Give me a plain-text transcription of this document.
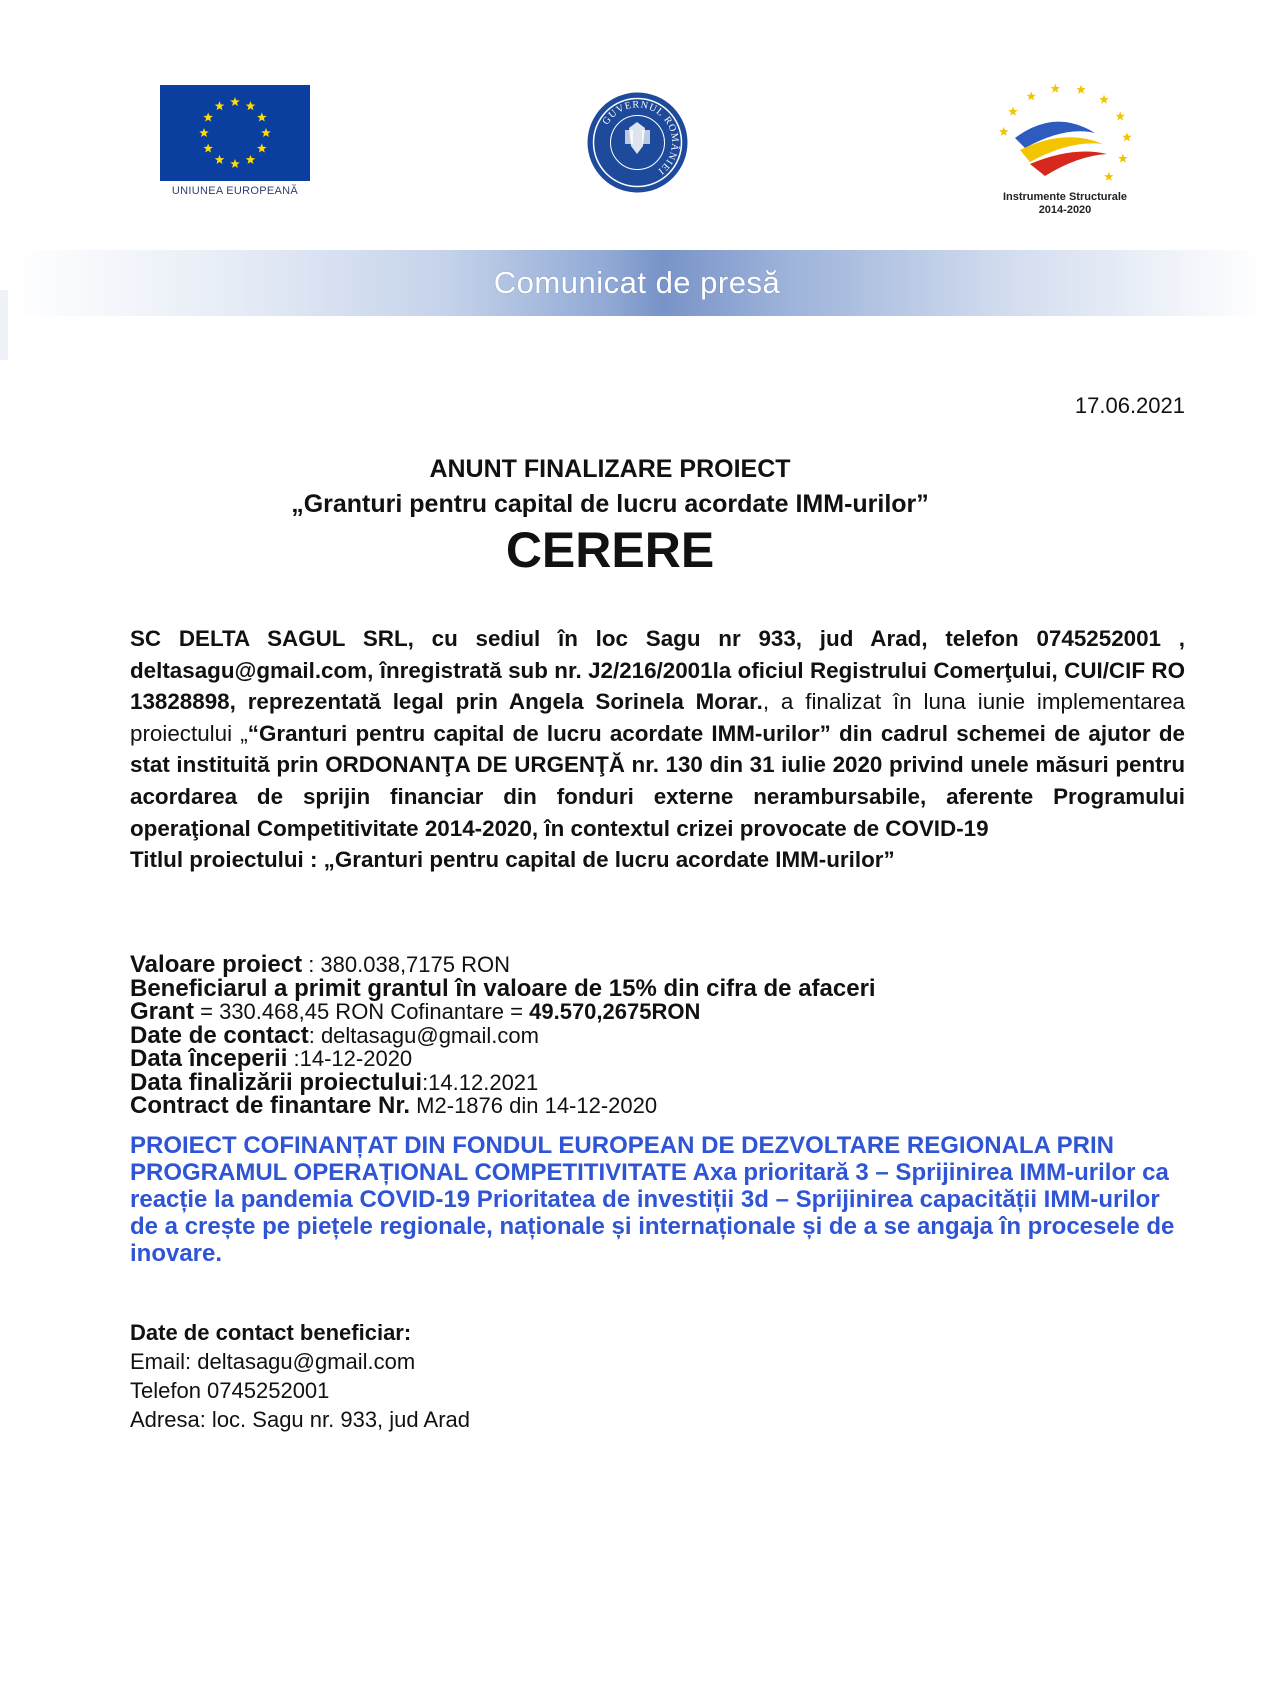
UNIUNEA EUROPEANĂ
GUVERNUL ROMÂNIEI
Instrumente Structurale
2014-2020
Comunicat de presă
17.06.2021
ANUNT FINALIZARE PROIECT
„Granturi pentru capital de lucru acordate IMM-urilor”
CERERE
SC DELTA SAGUL SRL, cu sediul în loc Sagu nr 933, jud Arad, telefon 0745252001 , deltasagu@gmail.com, înregistrată sub nr. J2/216/2001la oficiul Registrului Comerţului, CUI/CIF RO 13828898, reprezentată legal prin Angela Sorinela Morar., a finalizat în luna iunie implementarea proiectului „“Granturi pentru capital de lucru acordate IMM-urilor” din cadrul schemei de ajutor de stat instituită prin ORDONANŢA DE URGENŢĂ nr. 130 din 31 iulie 2020 privind unele măsuri pentru acordarea de sprijin financiar din fonduri externe nerambursabile, aferente Programului operaţional Competitivitate 2014-2020, în contextul crizei provocate de COVID-19
Titlul proiectului : „Granturi pentru capital de lucru acordate IMM-urilor”
Valoare proiect : 380.038,7175 RON
Beneficiarul a primit grantul în valoare de 15% din cifra de afaceri
Grant = 330.468,45 RON Cofinantare = 49.570,2675RON
Date de contact: deltasagu@gmail.com
Data începerii :14-12-2020
Data finalizării proiectului:14.12.2021
Contract de finantare Nr. M2-1876 din 14-12-2020
PROIECT COFINANȚAT DIN FONDUL EUROPEAN DE DEZVOLTARE REGIONALA PRIN PROGRAMUL OPERAȚIONAL COMPETITIVITATE Axa prioritară 3 – Sprijinirea IMM-urilor ca reacție la pandemia COVID-19 Prioritatea de investiții 3d – Sprijinirea capacității IMM-urilor de a crește pe piețele regionale, naționale și internaționale și de a se angaja în procesele de inovare.
Date de contact beneficiar:
Email: deltasagu@gmail.com
Telefon 0745252001
Adresa: loc. Sagu nr. 933, jud Arad
